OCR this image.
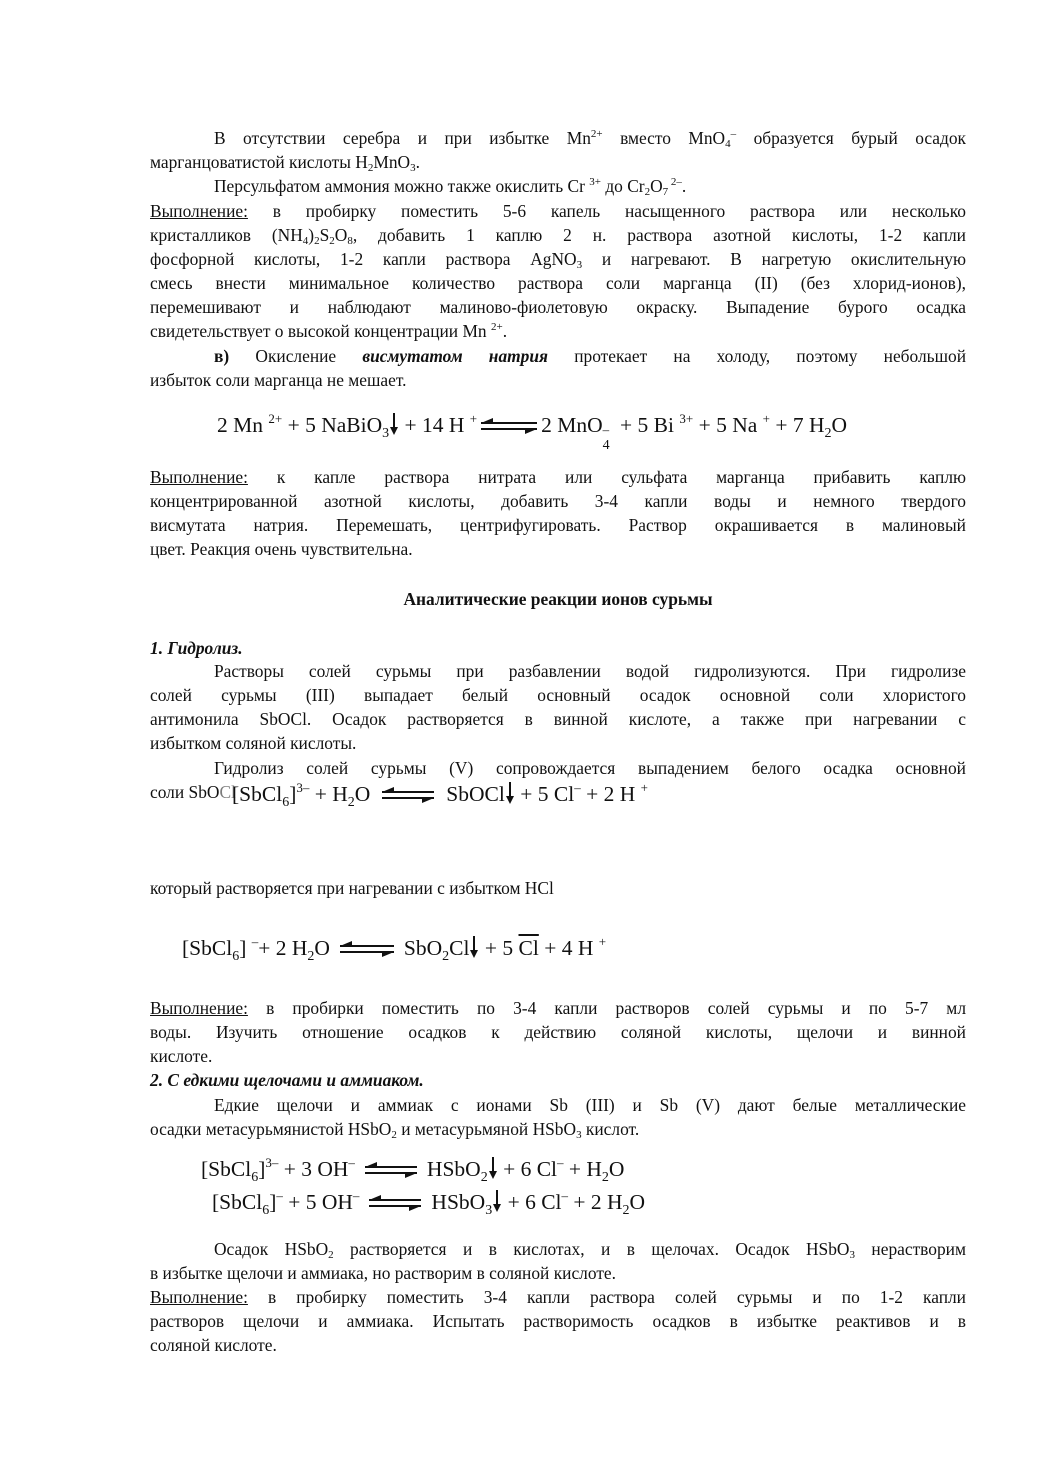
В отсутствии серебра и при избытке $Mn^{2+}$ вместо MnO$_4$– образуется бурый осадок
марганцоватистой кислоты $H_2MnO_3$.
Персульфатом аммония можно также окислить Cr $^{3+}$ до $Cr_2O_7$ $^{2-}$.
Выполнение: в пробирку поместить 5-6 капель насыщенного раствора или несколько
кристалликов $(NH_4)_2S_2O_8$, добавить 1 каплю 2 н. раствора азотной кислоты, 1-2 капли
фосфорной кислоты, 1-2 капли раствора AgNO$_3$ и нагревают. В нагретую окислительную
смесь внести минимальное количество раствора соли марганца (II) (без хлорид-ионов),
перемешивают и наблюдают малиново-фиолетовую окраску. Выпадение бурого осадка
свидетельствует о высокой концентрации Mn $^{2+}$.
в) Окисление висмутатом натрия протекает на холоду, поэтому небольшой
избыток соли марганца не мешает.
2 Mn $^{2+}$ + 5 NaBiO$_3$ + 14 H +⇌2 MnO –
4
+ 5 Bi $^{3+}$ + 5 Na + + 7 $H_2O$
Выполнение: к капле раствора нитрата или сульфата марганца прибавить каплю
концентрированной азотной кислоты, добавить 3-4 капли воды и немного твердого
висмутата натрия. Перемешать, центрифугировать. Раствор окрашивается в малиновый
цвет. Реакция очень чувствительна.
Аналитические реакции ионов сурьмы
1. Гидролиз.
Растворы солей сурьмы при разбавлении водой гидролизуются. При гидролизе
солей сурьмы (III) выпадает белый основный осадок основной соли хлористого
антимонила SbOCl. Осадок растворяется в винной кислоте, а также при нагревании с
избытком соляной кислоты.
Гидролиз солей сурьмы (V) сопровождается выпадением белого осадка основной
соли SbOCl
[SbCl$_6$]$^{3-}$ + $H_2O$ ⇌ SbOCl + 5 Cl– + 2 H +
который растворяется при нагревании с избытком HCl
[SbCl$_6$] –+ 2 $H_2O$ ⇌ SbO$_2$Cl + 5 $\overline{Cl} + 4$ H +
Выполнение: в пробирки поместить по 3-4 капли растворов солей сурьмы и по 5-7 мл
воды. Изучить отношение осадков к действию соляной кислоты, щелочи и винной
кислоте.
2. С едкими щелочами и аммиаком.
Едкие щелочи и аммиак с ионами Sb (III) и Sb (V) дают белые металлические
осадки метасурьмянистой HSbO$_2$ и метасурьмяной HSbO$_3$ кислот.
[SbCl$_6$]$^{3-}$ + 3 OH– ⇌ HSbO$_2$ + 6 $Cl^- + H_2O$
[SbCl$_6$]– + 5 OH– ⇌ HSbO$_3$ + 6 Cl– + 2 $H_2O$
Осадок HSbO$_2$ растворяется и в кислотах, и в щелочах. Осадок HSbO$_3$ нерастворим
в избытке щелочи и аммиака, но растворим в соляной кислоте.
Выполнение: в пробирку поместить 3-4 капли раствора солей сурьмы и по 1-2 капли
растворов щелочи и аммиака. Испытать растворимость осадков в избытке реактивов и в
соляной кислоте.
